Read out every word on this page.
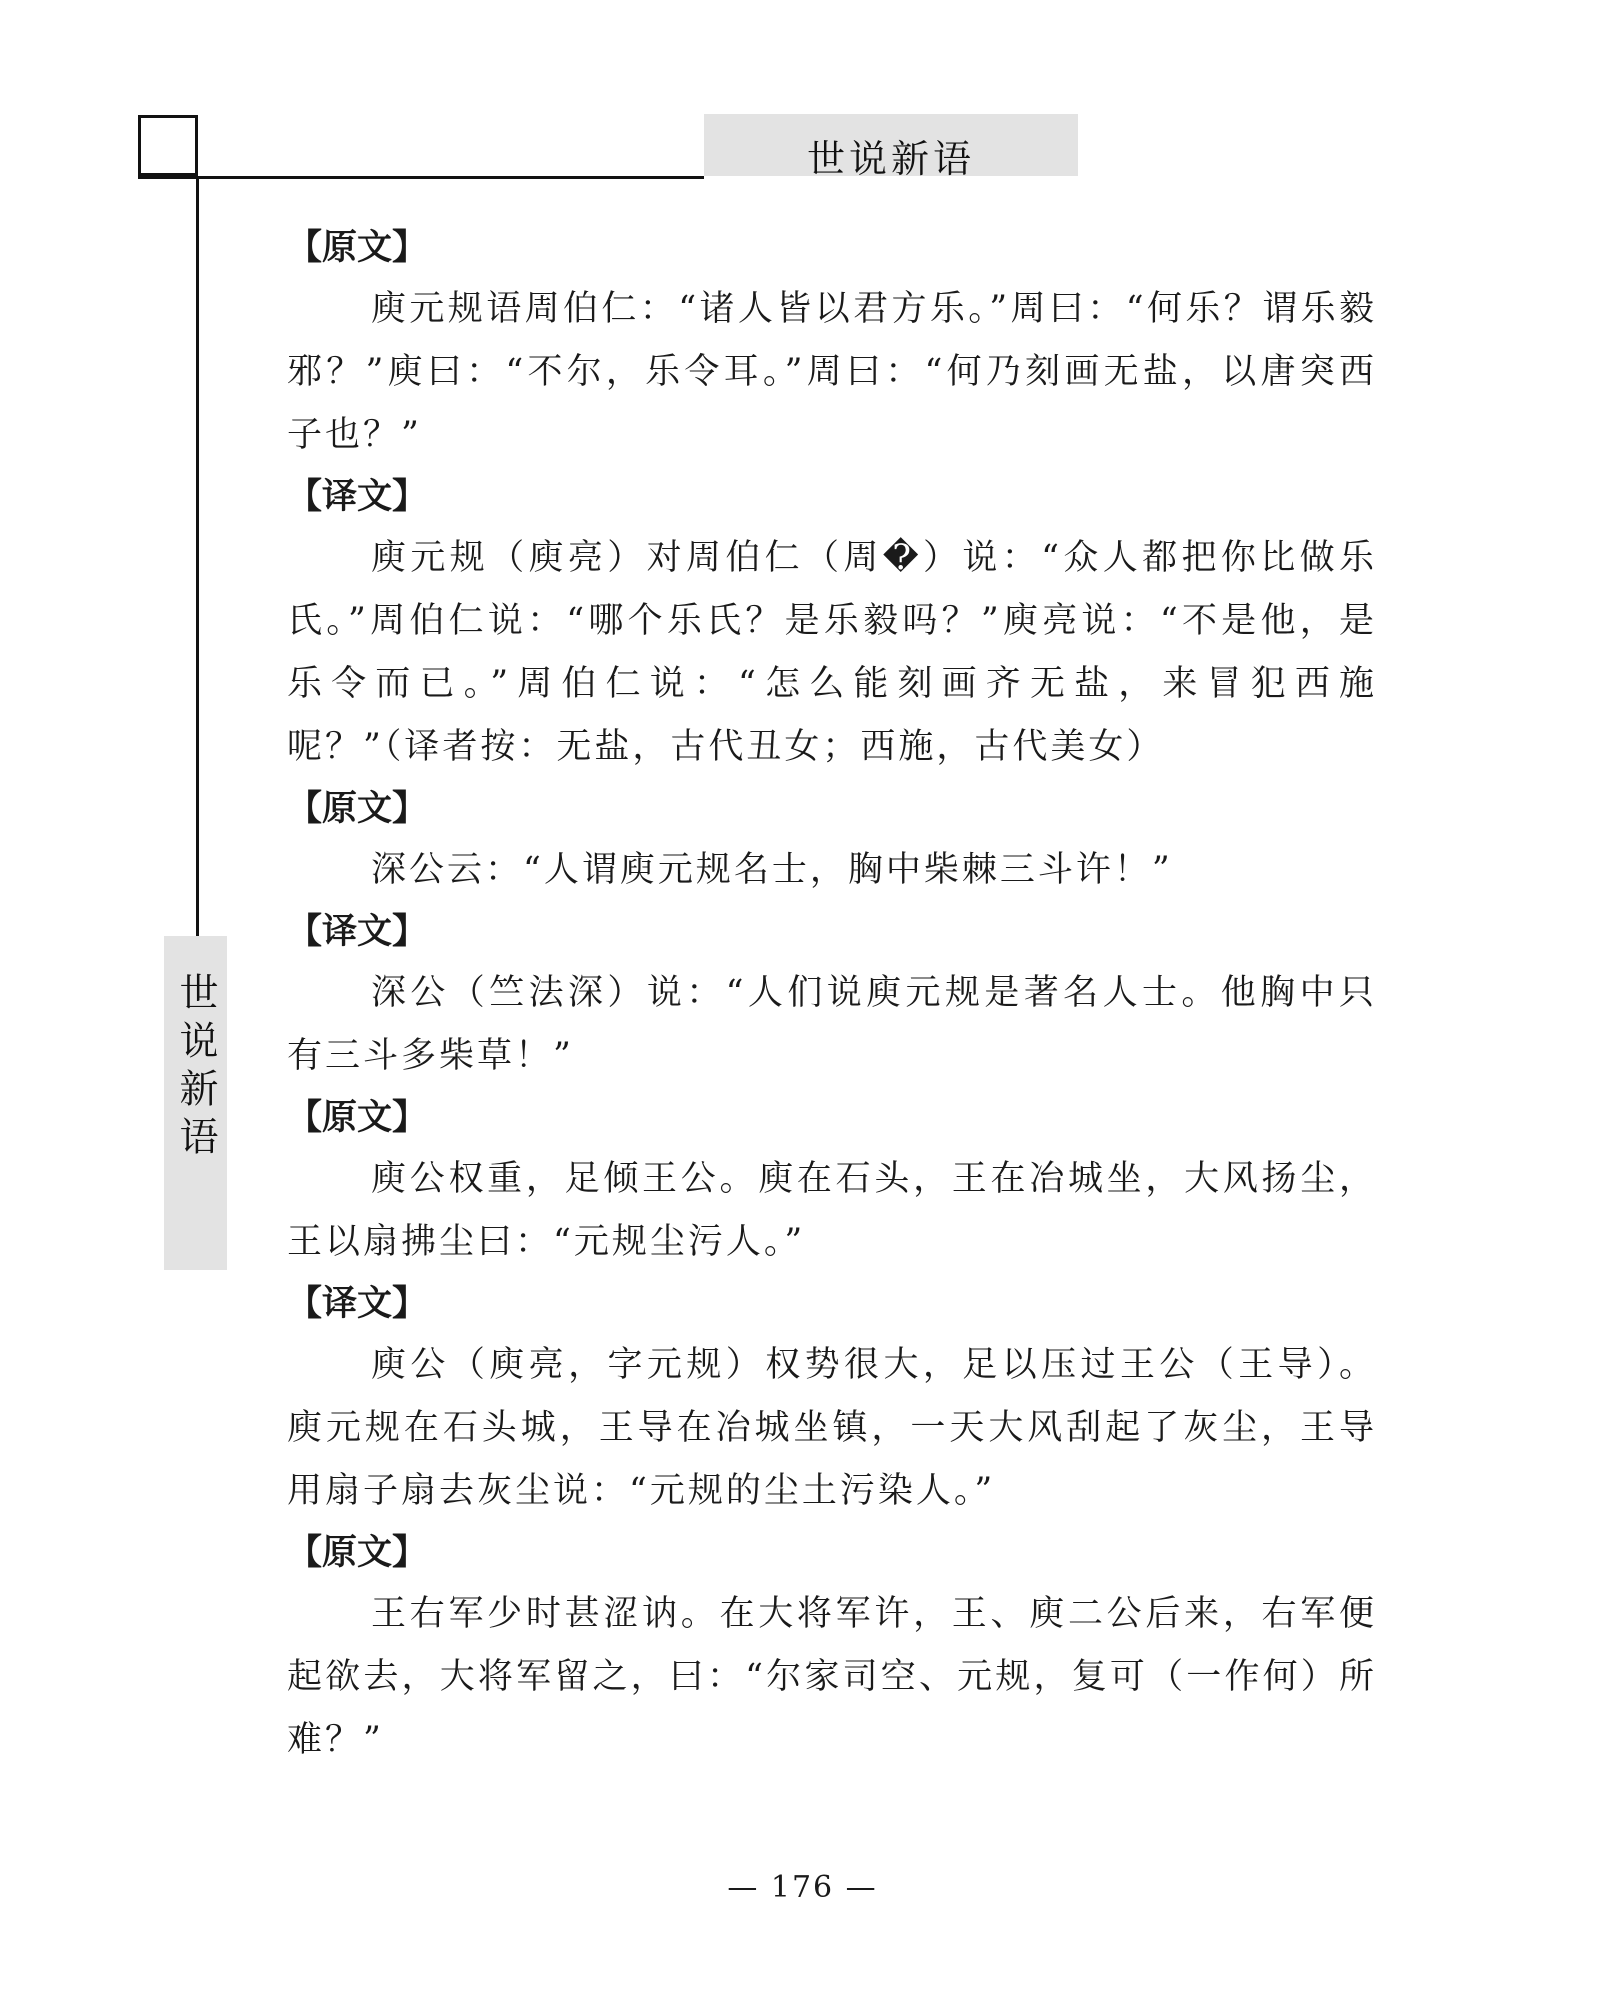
世说新语
世说新语
【原文】

庾元规语周伯仁：“诸人皆以君方乐。”周曰：“何乐？谓乐毅邪？”庾曰：“不尔，乐令耳。”周曰：“何乃刻画无盐，以唐突西子也？”

【译文】

庾元规（庾亮）对周伯仁（周�）说：“众人都把你比做乐氏。”周伯仁说：“哪个乐氏？是乐毅吗？”庾亮说：“不是他，是乐令而已。”周伯仁说：“怎么能刻画齐无盐，来冒犯西施呢？”（译者按：无盐，古代丑女；西施，古代美女）

【原文】

深公云：“人谓庾元规名士，胸中柴棘三斗许！”

【译文】

深公（竺法深）说：“人们说庾元规是著名人士。他胸中只有三斗多柴草！”

【原文】

庾公权重，足倾王公。庾在石头，王在冶城坐，大风扬尘，王以扇拂尘曰：“元规尘污人。”

【译文】

庾公（庾亮，字元规）权势很大，足以压过王公（王导）。庾元规在石头城，王导在冶城坐镇，一天大风刮起了灰尘，王导用扇子扇去灰尘说：“元规的尘土污染人。”

【原文】

王右军少时甚涩讷。在大将军许，王、庾二公后来，右军便起欲去，大将军留之，曰：“尔家司空、元规，复可（一作何）所难？”

— 176 —
